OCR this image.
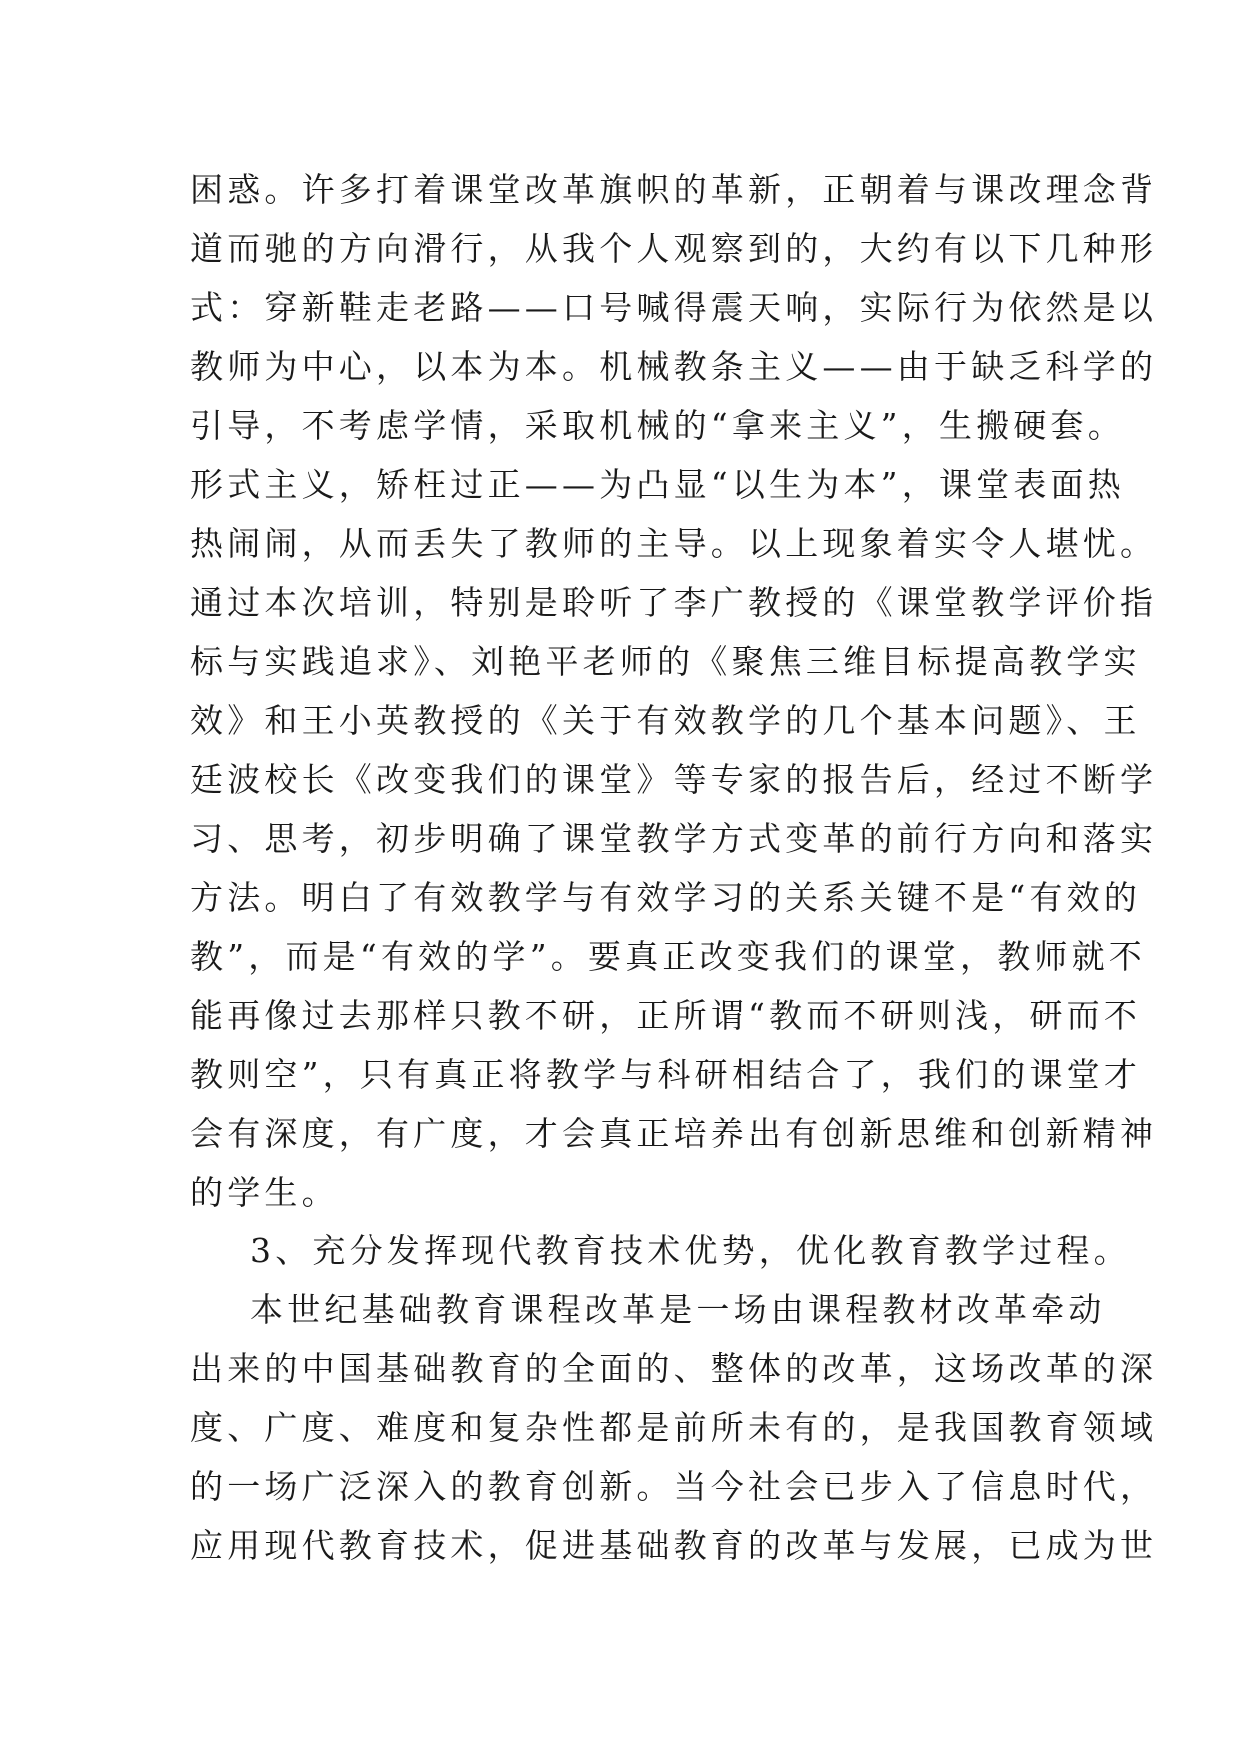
困惑。许多打着课堂改革旗帜的革新，正朝着与课改理念背
道而驰的方向滑行，从我个人观察到的，大约有以下几种形
式：穿新鞋走老路——口号喊得震天响，实际行为依然是以
教师为中心，以本为本。机械教条主义——由于缺乏科学的
引导，不考虑学情，采取机械的“拿来主义”，生搬硬套。
形式主义，矫枉过正——为凸显“以生为本”，课堂表面热
热闹闹，从而丢失了教师的主导。以上现象着实令人堪忧。
通过本次培训，特别是聆听了李广教授的《课堂教学评价指
标与实践追求》、刘艳平老师的《聚焦三维目标提高教学实
效》和王小英教授的《关于有效教学的几个基本问题》、王
廷波校长《改变我们的课堂》等专家的报告后，经过不断学
习、思考，初步明确了课堂教学方式变革的前行方向和落实
方法。明白了有效教学与有效学习的关系关键不是“有效的
教”，而是“有效的学”。要真正改变我们的课堂，教师就不
能再像过去那样只教不研，正所谓“教而不研则浅，研而不
教则空”，只有真正将教学与科研相结合了，我们的课堂才
会有深度，有广度，才会真正培养出有创新思维和创新精神
的学生。
3、充分发挥现代教育技术优势，优化教育教学过程。
本世纪基础教育课程改革是一场由课程教材改革牵动
出来的中国基础教育的全面的、整体的改革，这场改革的深
度、广度、难度和复杂性都是前所未有的，是我国教育领域
的一场广泛深入的教育创新。当今社会已步入了信息时代，
应用现代教育技术，促进基础教育的改革与发展，已成为世
